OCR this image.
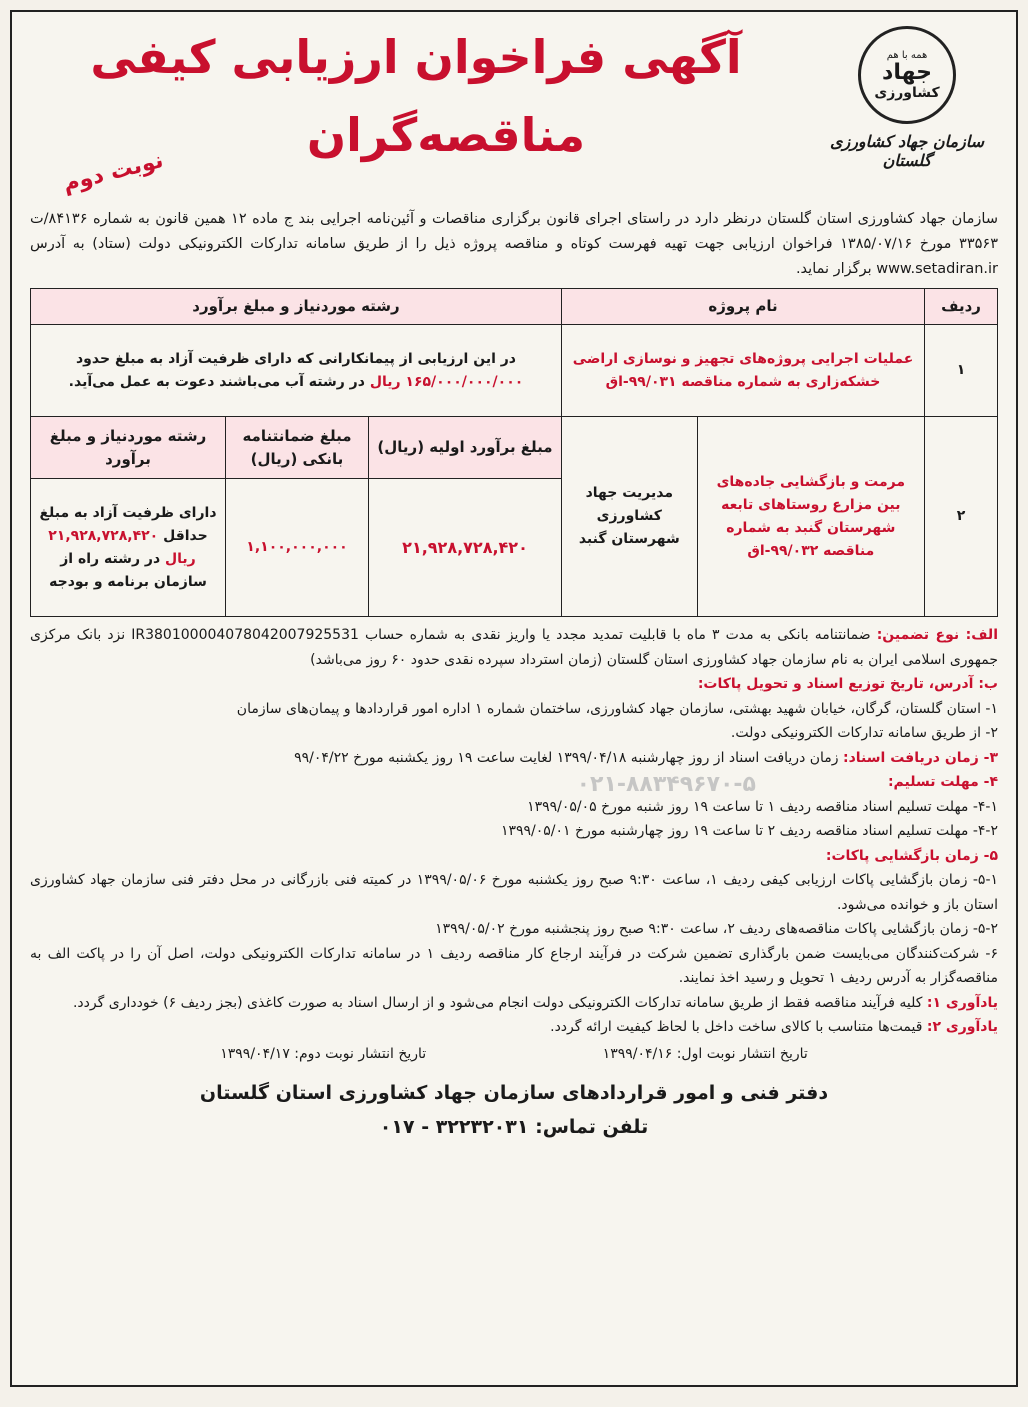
همه با هم
جهاد
کشاورزی
سازمان جهاد کشاورزی گلستان
آگهی فراخوان ارزیابی کیفی
مناقصه‌گران
نوبت دوم
سازمان جهاد کشاورزی استان گلستان درنظر دارد در راستای اجرای قانون برگزاری مناقصات و آئین‌نامه اجرایی بند ج ماده ۱۲ همین قانون به شماره ۸۴۱۳۶/ت ۳۳۵۶۳ مورخ ۱۳۸۵/۰۷/۱۶ فراخوان ارزیابی جهت تهیه فهرست کوتاه و مناقصه پروژه ذیل را از طریق سامانه تدارکات الکترونیکی دولت (ستاد) به آدرس www.setadiran.ir برگزار نماید.
ردیف	نام پروژه		رشته موردنیاز و مبلغ برآورد		
۱	عملیات اجرایی پروژه‌های تجهیز و نوسازی اراضی خشکه‌زاری به شماره مناقصه ۹۹/۰۳۱-اق		در این ارزیابی از پیمانکارانی که دارای ظرفیت آزاد به مبلغ حدود ۱۶۵/۰۰۰/۰۰۰/۰۰۰ ریال در رشته آب می‌باشند دعوت به عمل می‌آید.		
۲	مرمت و بازگشایی جاده‌های بین مزارع روستاهای تابعه شهرستان گنبد به شماره مناقصه ۹۹/۰۳۲-اق	مدیریت جهاد کشاورزی شهرستان گنبد	مبلغ برآورد اولیه (ریال)	مبلغ ضمانتنامه بانکی (ریال)	رشته موردنیاز و مبلغ برآورد
			۲۱,۹۲۸,۷۲۸,۴۲۰	۱,۱۰۰,۰۰۰,۰۰۰	دارای ظرفیت آزاد به مبلغ حداقل ۲۱,۹۲۸,۷۲۸,۴۲۰ ریال در رشته راه از سازمان برنامه و بودجه

الف: نوع تضمین: ضمانتنامه بانکی به مدت ۳ ماه با قابلیت تمدید مجدد یا واریز نقدی به شماره حساب IR380100004078042007925531 نزد بانک مرکزی جمهوری اسلامی ایران به نام سازمان جهاد کشاورزی استان گلستان (زمان استرداد سپرده نقدی حدود ۶۰ روز می‌باشد)

ب: آدرس، تاریخ توزیع اسناد و تحویل پاکات:

۱- استان گلستان، گرگان، خیابان شهید بهشتی، سازمان جهاد کشاورزی، ساختمان شماره ۱ اداره امور قراردادها و پیمان‌های سازمان

۲- از طریق سامانه تدارکات الکترونیکی دولت.

۳- زمان دریافت اسناد: زمان دریافت اسناد از روز چهارشنبه ۱۳۹۹/۰۴/۱۸ لغایت ساعت ۱۹ روز یکشنبه مورخ ۹۹/۰۴/۲۲

۴- مهلت تسلیم:

۴-۱- مهلت تسلیم اسناد مناقصه ردیف ۱ تا ساعت ۱۹ روز شنبه مورخ ۱۳۹۹/۰۵/۰۵

۴-۲- مهلت تسلیم اسناد مناقصه ردیف ۲ تا ساعت ۱۹ روز چهارشنبه مورخ ۱۳۹۹/۰۵/۰۱

۵- زمان بازگشایی پاکات:

۵-۱- زمان بازگشایی پاکات ارزیابی کیفی ردیف ۱، ساعت ۹:۳۰ صبح روز یکشنبه مورخ ۱۳۹۹/۰۵/۰۶ در کمیته فنی بازرگانی در محل دفتر فنی سازمان جهاد کشاورزی استان باز و خوانده می‌شود.

۵-۲- زمان بازگشایی پاکات مناقصه‌های ردیف ۲، ساعت ۹:۳۰ صبح روز پنجشنبه مورخ ۱۳۹۹/۰۵/۰۲

۶- شرکت‌کنندگان می‌بایست ضمن بارگذاری تضمین شرکت در فرآیند ارجاع کار مناقصه ردیف ۱ در سامانه تدارکات الکترونیکی دولت، اصل آن را در پاکت الف به مناقصه‌گزار به آدرس ردیف ۱ تحویل و رسید اخذ نمایند.

یادآوری ۱: کلیه فرآیند مناقصه فقط از طریق سامانه تدارکات الکترونیکی دولت انجام می‌شود و از ارسال اسناد به صورت کاغذی (بجز ردیف ۶) خودداری گردد.

یادآوری ۲: قیمت‌ها متناسب با کالای ساخت داخل با لحاظ کیفیت ارائه گردد.

تاریخ انتشار نوبت اول: ۱۳۹۹/۰۴/۱۶
تاریخ انتشار نوبت دوم: ۱۳۹۹/۰۴/۱۷
دفتر فنی و امور قراردادهای سازمان جهاد کشاورزی استان گلستان
تلفن تماس: ۳۲۲۳۲۰۳۱ - ۰۱۷
۰۲۱-۸۸۳۴۹۶۷۰-۵
